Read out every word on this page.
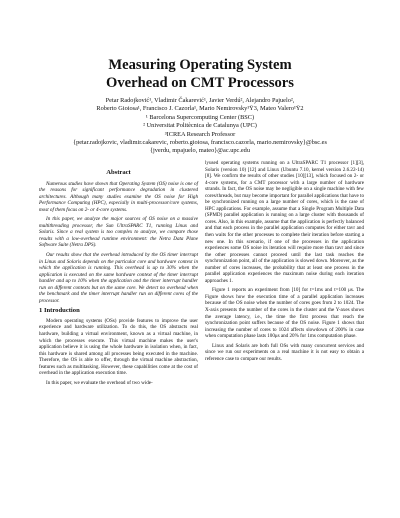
Measuring Operating System
Overhead on CMT Processors
Petar Radojković¹, Vladimir Čakarević¹, Javier Verdú², Alejandro Pajuelo²,
Roberto Gioiosa¹, Francisco J. Cazorla¹, Mario Nemirovsky¹Ȳ3, Mateo Valero¹Ȳ2
¹ Barcelona Supercomputing Center (BSC)
² Universitat Politècnica de Catalunya (UPC)
³ICREA Research Professor
{petar.radojkovic, vladimir.cakarevic, roberto.gioiosa, francisco.cazorla, mario.nemirovsky}@bsc.es
{jverdu, mpajuelo, mateo}@ac.upc.edu
Abstract

Numerous studies have shown that Operating System (OS) noise is one of the reasons for significant performance degradation in clustered architectures. Although many studies examine the OS noise for High Performance Computing (HPC), especially in multi-processor/core systems, most of them focus on 2- or 4-core systems.

In this paper, we analyze the major sources of OS noise on a massive multithreading processor, the Sun UltraSPARC T1, running Linux and Solaris. Since a real system is too complex to analyze, we compare those results with a low-overhead runtime environment: the Netra Data Plane Software Suite (Netra DPS).

Our results show that the overhead introduced by the OS timer interrupt in Linux and Solaris depends on the particular core and hardware context in which the application is running. This overhead is up to 30% when the application is executed on the same hardware context of the timer interrupt handler and up to 10% when the application and the timer interrupt handler run on different contexts but on the same core. We detect no overhead when the benchmark and the timer interrupt handler run on different cores of the processor.

1 Introduction

Modern operating systems (OSs) provide features to improve the user experience and hardware utilization. To do this, the OS abstracts real hardware, building a virtual environment, known as a virtual machine, in which the processes execute. This virtual machine makes the user's application believe it is using the whole hardware in isolation when, in fact, this hardware is shared among all processes being executed in the machine. Therefore, the OS is able to offer, through the virtual machine abstraction, features such as multitasking. However, these capabilities come at the cost of overhead in the application execution time.

In this paper, we evaluate the overhead of two wide-

lyused operating systems running on a UltraSPARC T1 processor [1][3], Solaris (version 10) [12] and Linux (Ubuntu 7.10, kernel version 2.6.22-14) [8]. We confirm the results of other studies [10][13], which focused on 2- or 4-core systems, for a CMT processor with a large number of hardware strands. In fact, the OS noise may be negligible on a single machine with few cores/threads, but may become important for parallel applications that have to be synchronized running on a large number of cores, which is the case of HPC applications. For example, assume that a Single Program Multiple Data (SPMD) parallel application is running on a large cluster with thousands of cores. Also, in this example, assume that the application is perfectly balanced and that each process in the parallel application computes for either tavr and then waits for the other processes to complete their iteration before starting a new one. In this scenario, if one of the processes in the application experiences some OS noise its iteration will require more than tavr and since the other processes cannot proceed until the last task reaches the synchronization point, all of the application is slowed down. Moreover, as the number of cores increases, the probability that at least one process in the parallel application experiences the maximum noise during each iteration approaches 1.

Figure 1 reports an experiment from [10] for t=1ms and t=100 μs. The Figure shows how the execution time of a parallel application increases because of the OS noise when the number of cores goes from 2 to 1024. The X-axis presents the number of the cores in the cluster and the Y-axes shows the average latency, i.e., the time the first process that reach the synchronization point suffers because of the OS noise. Figure 1 shows that increasing the number of cores to 1024 affects slowdown of 200% in case when computation phase lasts 100μs and 20% for 1ms computation phase.

Linux and Solaris are both full OSs with many concurrent services and since we run our experiments on a real machine it is not easy to obtain a reference case to compare our results.
